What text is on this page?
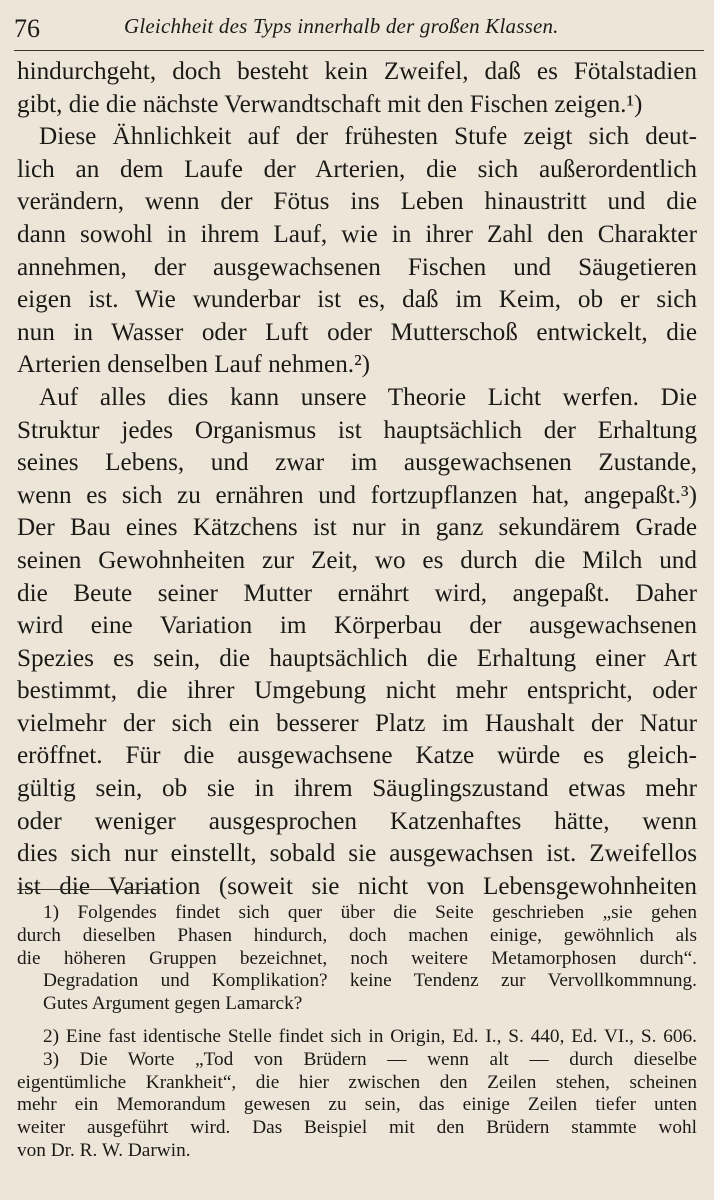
76	Gleichheit des Typs innerhalb der großen Klassen.
hindurchgeht, doch besteht kein Zweifel, daß es Fötalstadien
gibt, die die nächste Verwandtschaft mit den Fischen zeigen.¹)
Diese Ähnlichkeit auf der frühesten Stufe zeigt sich deut-
lich an dem Laufe der Arterien, die sich außerordentlich
verändern, wenn der Fötus ins Leben hinaustritt und die
dann sowohl in ihrem Lauf, wie in ihrer Zahl den Charakter
annehmen, der ausgewachsenen Fischen und Säugetieren
eigen ist. Wie wunderbar ist es, daß im Keim, ob er sich
nun in Wasser oder Luft oder Mutterschoß entwickelt, die
Arterien denselben Lauf nehmen.²)
Auf alles dies kann unsere Theorie Licht werfen. Die
Struktur jedes Organismus ist hauptsächlich der Erhaltung
seines Lebens, und zwar im ausgewachsenen Zustande,
wenn es sich zu ernähren und fortzupflanzen hat, angepaßt.³)
Der Bau eines Kätzchens ist nur in ganz sekundärem Grade
seinen Gewohnheiten zur Zeit, wo es durch die Milch und
die Beute seiner Mutter ernährt wird, angepaßt. Daher
wird eine Variation im Körperbau der ausgewachsenen
Spezies es sein, die hauptsächlich die Erhaltung einer Art
bestimmt, die ihrer Umgebung nicht mehr entspricht, oder
vielmehr der sich ein besserer Platz im Haushalt der Natur
eröffnet. Für die ausgewachsene Katze würde es gleich-
gültig sein, ob sie in ihrem Säuglingszustand etwas mehr
oder weniger ausgesprochen Katzenhaftes hätte, wenn
dies sich nur einstellt, sobald sie ausgewachsen ist. Zweifellos
ist die Variation (soweit sie nicht von Lebensgewohnheiten
1) Folgendes findet sich quer über die Seite geschrieben „sie gehen
durch dieselben Phasen hindurch, doch machen einige, gewöhnlich als
die höheren Gruppen bezeichnet, noch weitere Metamorphosen durch“.
Degradation und Komplikation? keine Tendenz zur Vervollkommnung.
Gutes Argument gegen Lamarck?
2) Eine fast identische Stelle findet sich in Origin, Ed. I., S. 440, Ed. VI., S. 606.
3) Die Worte „Tod von Brüdern — wenn alt — durch dieselbe
eigentümliche Krankheit“, die hier zwischen den Zeilen stehen, scheinen
mehr ein Memorandum gewesen zu sein, das einige Zeilen tiefer unten
weiter ausgeführt wird. Das Beispiel mit den Brüdern stammte wohl
von Dr. R. W. Darwin.
